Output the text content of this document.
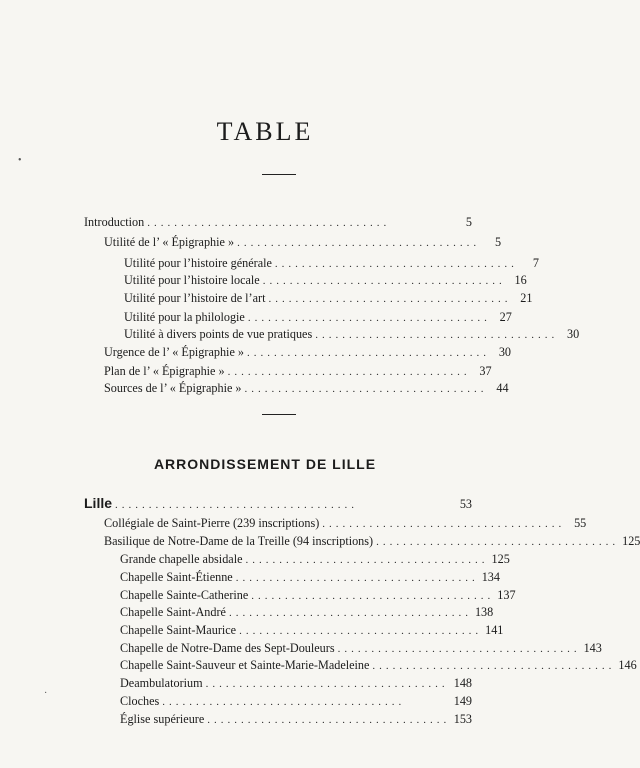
TABLE
Introduction ....................................	5
Utilité de l’ « Épigraphie » ....................................	5
Utilité pour l’histoire générale ....................................	7
Utilité pour l’histoire locale .................................... 16
Utilité pour l’histoire de l’art .................................... 21
Utilité pour la philologie .................................... 27
Utilité à divers points de vue pratiques .................................... 30
Urgence de l’ « Épigraphie » .................................... 30
Plan de l’ « Épigraphie » .................................... 37
Sources de l’ « Épigraphie » .................................... 44
ARRONDISSEMENT DE LILLE
Lille ....................................	53
Collégiale de Saint-Pierre (239 inscriptions) .................................... 55
Basilique de Notre-Dame de la Treille (94 inscriptions) .................................... 125
Grande chapelle absidale .................................... 125
Chapelle Saint-Étienne .................................... 134
Chapelle Sainte-Catherine .................................... 137
Chapelle Saint-André .................................... 138
Chapelle Saint-Maurice .................................... 141
Chapelle de Notre-Dame des Sept-Douleurs .................................... 143
Chapelle Saint-Sauveur et Sainte-Marie-Madeleine .................................... 146
Deambulatorium .................................... 148
Cloches ....................................	149
Église supérieure .................................... 153
•
·
